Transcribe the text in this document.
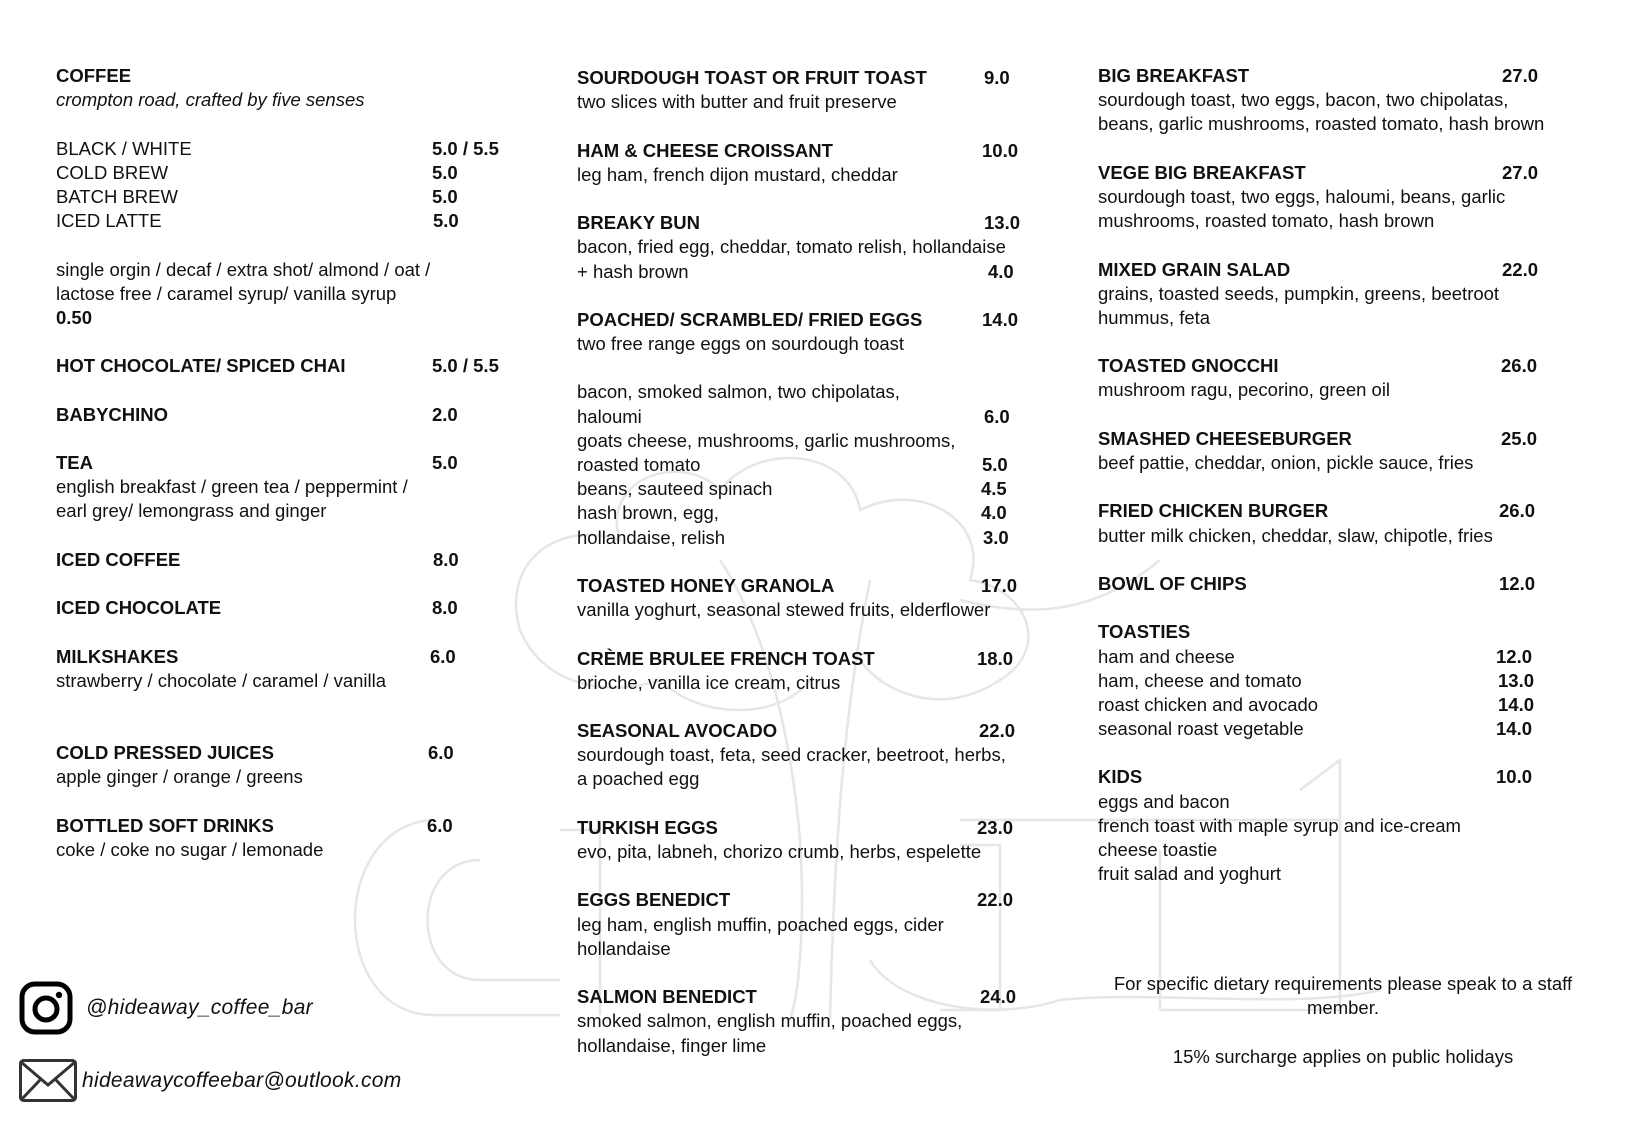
COFFEE
crompton road, crafted by five senses
BLACK / WHITE	5.0 / 5.5
COLD BREW	5.0
BATCH BREW	5.0
ICED LATTE	5.0
single orgin / decaf / extra shot/ almond / oat /
lactose free / caramel syrup/ vanilla syrup
0.50
HOT CHOCOLATE/ SPICED CHAI	5.0 / 5.5
BABYCHINO	2.0
TEA	5.0
english breakfast / green tea / peppermint /
earl grey/ lemongrass and ginger
ICED COFFEE	8.0
ICED CHOCOLATE	8.0
MILKSHAKES	6.0
strawberry / chocolate / caramel / vanilla
COLD PRESSED JUICES	6.0
apple ginger / orange / greens
BOTTLED SOFT DRINKS	6.0
coke / coke no sugar / lemonade
@hideaway_coffee_bar
hideawaycoffeebar@outlook.com
SOURDOUGH TOAST OR FRUIT TOAST	9.0
two slices with butter and fruit preserve
HAM & CHEESE CROISSANT	10.0
leg ham, french dijon mustard, cheddar
BREAKY BUN	13.0
bacon, fried egg, cheddar, tomato relish, hollandaise
+ hash brown	4.0
POACHED/ SCRAMBLED/ FRIED EGGS	14.0
two free range eggs on sourdough toast
bacon, smoked salmon, two chipolatas,
haloumi	6.0
goats cheese, mushrooms, garlic mushrooms,
roasted tomato	5.0
beans, sauteed spinach	4.5
hash brown, egg,	4.0
hollandaise, relish	3.0
TOASTED HONEY GRANOLA	17.0
vanilla yoghurt, seasonal stewed fruits, elderflower
CRÈME BRULEE FRENCH TOAST	18.0
brioche, vanilla ice cream, citrus
SEASONAL AVOCADO	22.0
sourdough toast, feta, seed cracker, beetroot, herbs,
a poached egg
TURKISH EGGS	23.0
evo, pita, labneh, chorizo crumb, herbs, espelette
EGGS BENEDICT	22.0
leg ham, english muffin, poached eggs, cider
hollandaise
SALMON BENEDICT	24.0
smoked salmon, english muffin, poached eggs,
hollandaise, finger lime
BIG BREAKFAST	27.0
sourdough toast, two eggs, bacon, two chipolatas,
beans, garlic mushrooms, roasted tomato, hash brown
VEGE BIG BREAKFAST	27.0
sourdough toast, two eggs, haloumi, beans, garlic
mushrooms, roasted tomato, hash brown
MIXED GRAIN SALAD	22.0
grains, toasted seeds, pumpkin, greens, beetroot
hummus, feta
TOASTED GNOCCHI	26.0
mushroom ragu, pecorino, green oil
SMASHED CHEESEBURGER	25.0
beef pattie, cheddar, onion, pickle sauce, fries
FRIED CHICKEN BURGER	26.0
butter milk chicken, cheddar, slaw, chipotle, fries
BOWL OF CHIPS	12.0
TOASTIES
ham and cheese	12.0
ham, cheese and tomato	13.0
roast chicken and avocado	14.0
seasonal roast vegetable	14.0
KIDS	10.0
eggs and bacon
french toast with maple syrup and ice-cream
cheese toastie
fruit salad and yoghurt
For specific dietary requirements please speak to a staff
member.
15% surcharge applies on public holidays
